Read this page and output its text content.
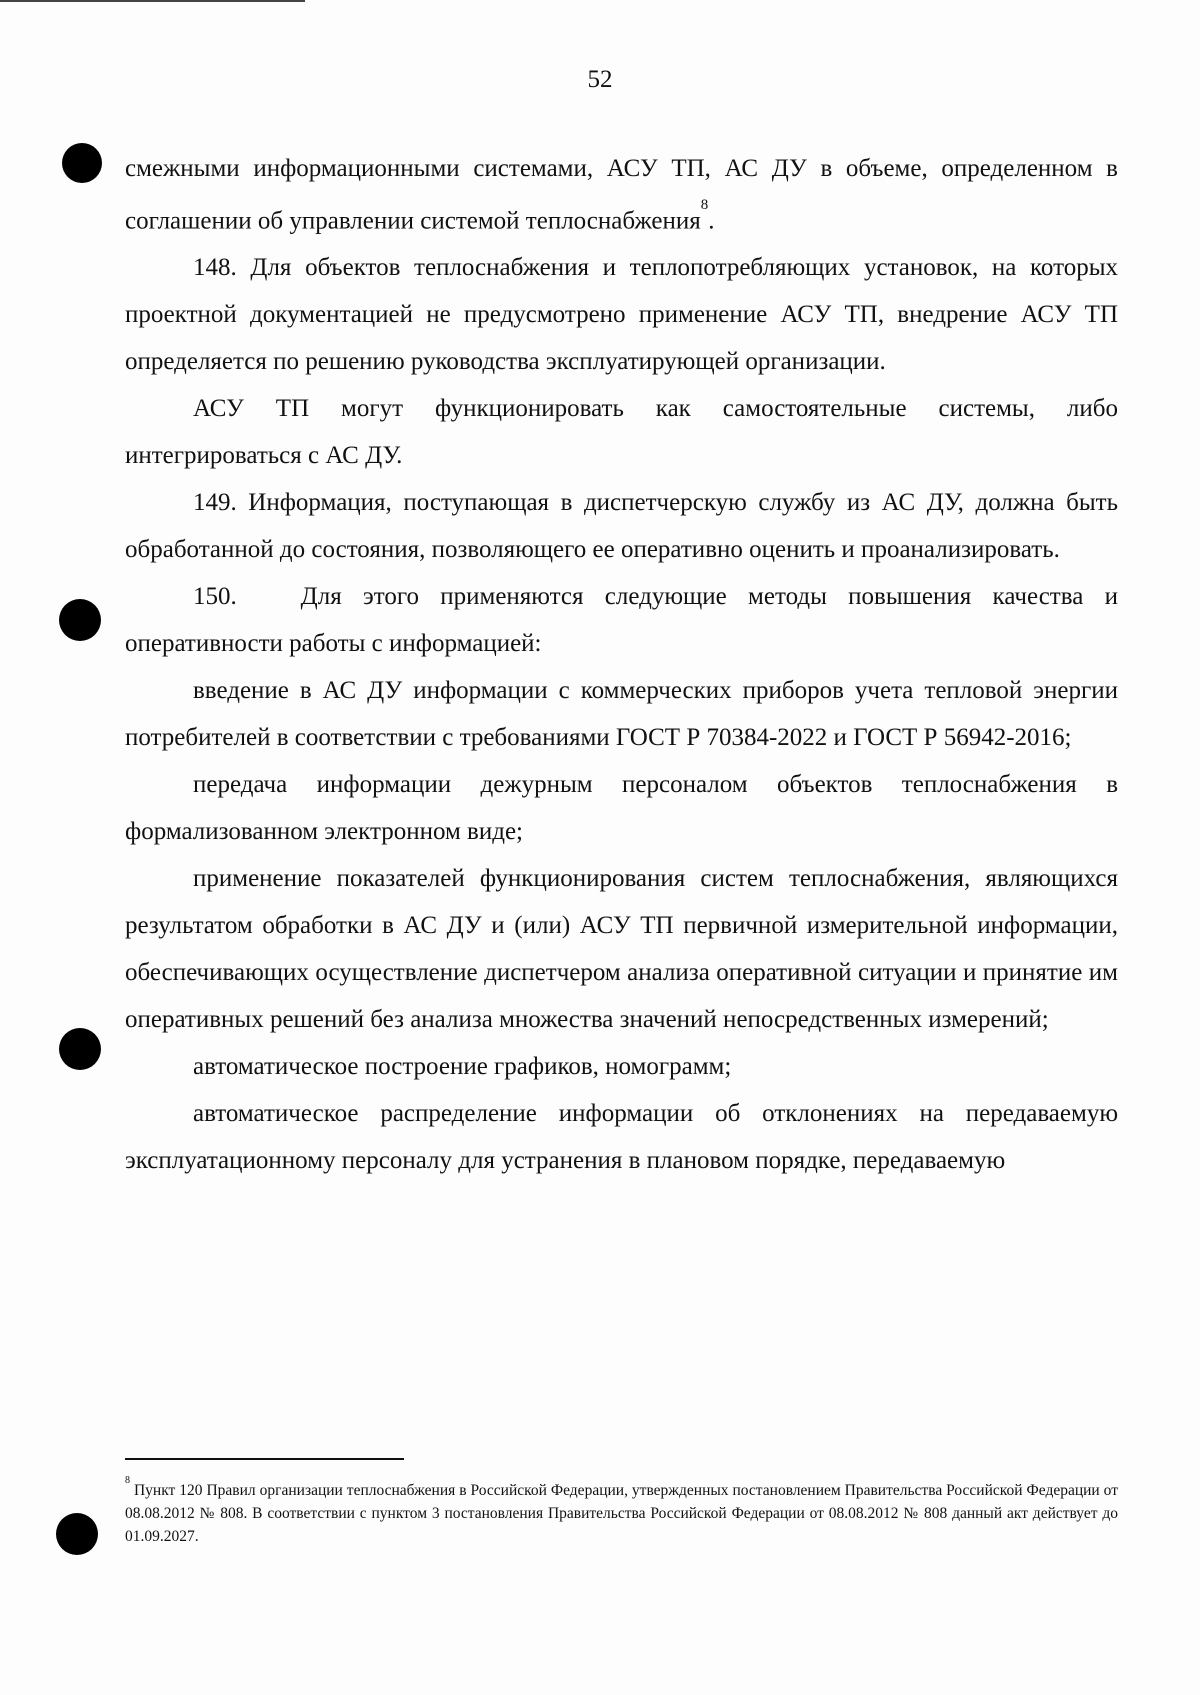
52

смежными информационными системами, АСУ ТП, АС ДУ в объеме, определенном в соглашении об управлении системой теплоснабжения$^8$.

148. Для объектов теплоснабжения и теплопотребляющих установок, на которых проектной документацией не предусмотрено применение АСУ ТП, внедрение АСУ ТП определяется по решению руководства эксплуатирующей организации.

АСУ ТП могут функционировать как самостоятельные системы, либо интегрироваться с АС ДУ.

149. Информация, поступающая в диспетчерскую службу из АС ДУ, должна быть обработанной до состояния, позволяющего ее оперативно оценить и проанализировать.

150.   Для этого применяются следующие методы повышения качества и оперативности работы с информацией:

введение в АС ДУ информации с коммерческих приборов учета тепловой энергии потребителей в соответствии с требованиями ГОСТ Р 70384-2022 и ГОСТ Р 56942-2016;

передача информации дежурным персоналом объектов теплоснабжения в формализованном электронном виде;

применение показателей функционирования систем теплоснабжения, являющихся результатом обработки в АС ДУ и (или) АСУ ТП первичной измерительной информации, обеспечивающих осуществление диспетчером анализа оперативной ситуации и принятие им оперативных решений без анализа множества значений непосредственных измерений;

автоматическое построение графиков, номограмм;

автоматическое распределение информации об отклонениях на передаваемую эксплуатационному персоналу для устранения в плановом порядке, передаваемую

$^8$ Пункт 120 Правил организации теплоснабжения в Российской Федерации, утвержденных постановлением Правительства Российской Федерации от 08.08.2012 № 808. В соответствии с пунктом 3 постановления Правительства Российской Федерации от 08.08.2012 № 808 данный акт действует до 01.09.2027.
